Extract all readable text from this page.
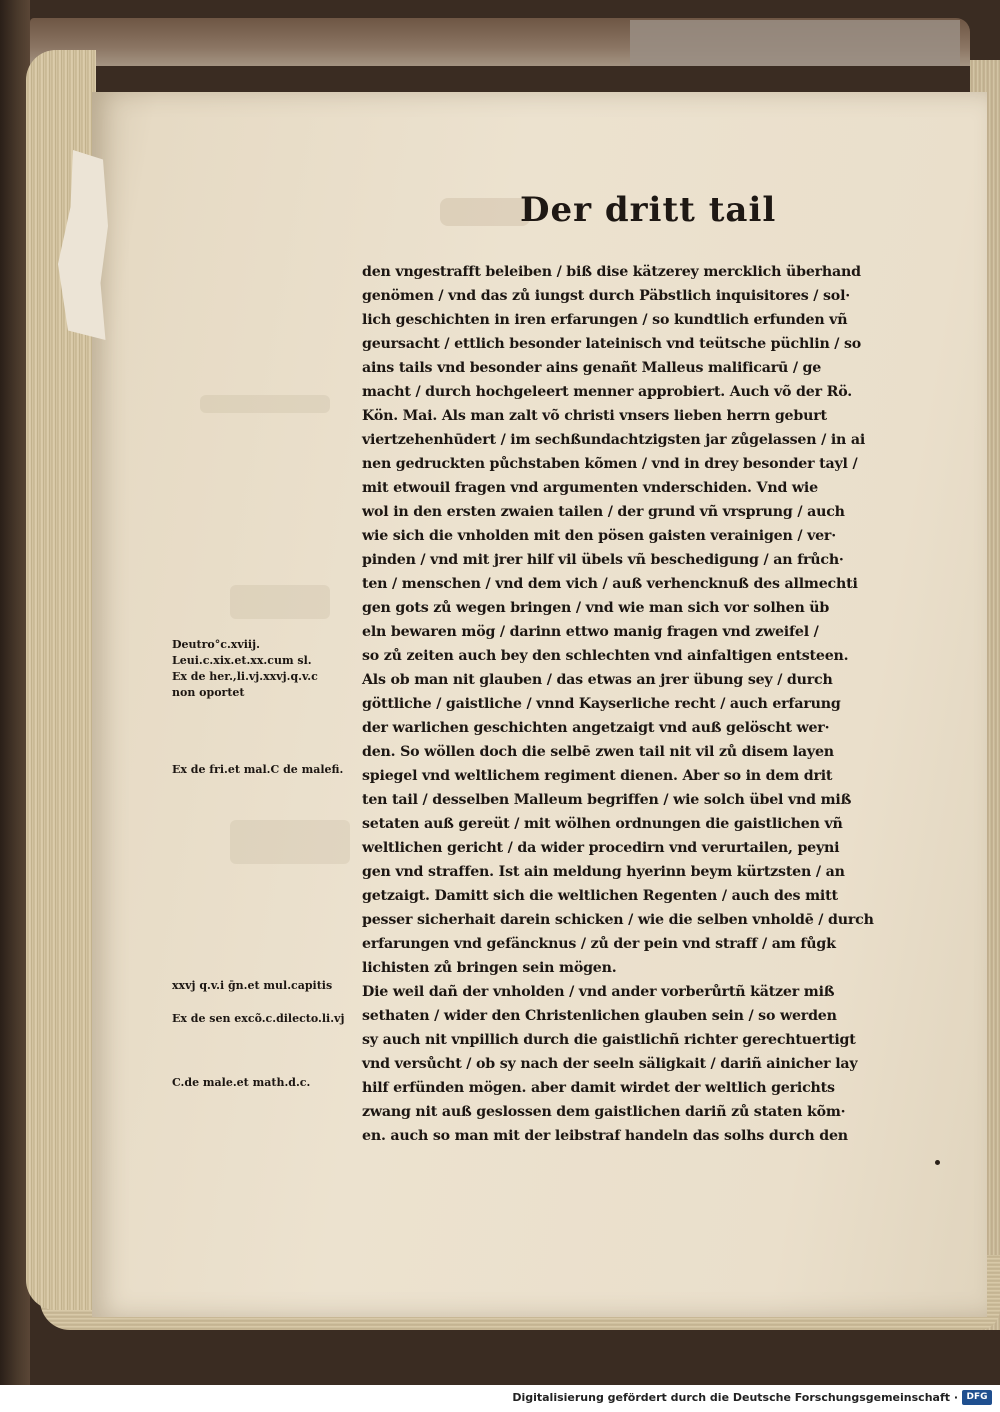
Der dritt tail
den vngestrafft beleiben / biß dise kätzerey mercklich überhand
genömen / vnd das zů iungst durch Päbstlich inquisitores / sol·
lich geschichten in iren erfarungen / so kundtlich erfunden vñ
geursacht / ettlich besonder lateinisch vnd teütsche püchlin / so
ains tails vnd besonder ains genañt Malleus malificarū / ge
macht / durch hochgeleert menner approbiert. Auch võ der Rö.
Kön. Mai. Als man zalt võ christi vnsers lieben herrn geburt
viertzehenhūdert / im sechßundachtzigsten jar zůgelassen / in ai
nen gedruckten půchstaben kõmen / vnd in drey besonder tayl /
mit etwouil fragen vnd argumenten vnderschiden. Vnd wie
wol in den ersten zwaien tailen / der grund vñ vrsprung / auch
wie sich die vnholden mit den pösen gaisten verainigen / ver·
pinden / vnd mit jrer hilf vil übels vñ beschedigung / an frůch·
ten / menschen / vnd dem vich / auß verhencknuß des allmechti
gen gots zů wegen bringen / vnd wie man sich vor solhen üb
eln bewaren mög / darinn ettwo manig fragen vnd zweifel /
so zů zeiten auch bey den schlechten vnd ainfaltigen entsteen.
Als ob man nit glauben / das etwas an jrer übung sey / durch
göttliche / gaistliche / vnnd Kayserliche recht / auch erfarung
der warlichen geschichten angetzaigt vnd auß gelöscht wer·
den. So wöllen doch die selbē zwen tail nit vil zů disem layen
spiegel vnd weltlichem regiment dienen. Aber so in dem drit
ten tail / desselben Malleum begriffen / wie solch übel vnd miß
setaten auß gereüt / mit wölhen ordnungen die gaistlichen vñ
weltlichen gericht / da wider procedirn vnd verurtailen, peyni
gen vnd straffen. Ist ain meldung hyerinn beym kürtzsten / an
getzaigt. Damitt sich die weltlichen Regenten / auch des mitt
pesser sicherhait darein schicken / wie die selben vnholdē / durch
erfarungen vnd gefäncknus / zů der pein vnd straff / am fůgk
lichisten zů bringen sein mögen.
Die weil dañ der vnholden / vnd ander vorberůrtñ kätzer miß
sethaten / wider den Christenlichen glauben sein / so werden
sy auch nit vnpillich durch die gaistlichñ richter gerechtuertigt
vnd versůcht / ob sy nach der seeln säligkait / dariñ ainicher lay
hilf erfünden mögen. aber damit wirdet der weltlich gerichts
zwang nit auß geslossen dem gaistlichen dariñ zů staten kõm·
en. auch so man mit der leibstraf handeln das solhs durch den
Deutro°c.xviij.
Leui.c.xix.et.xx.cum sl.
Ex de her.,li.vj.xxvj.q.v.c
non oportet
Ex de fri.et mal.C de malefi.
xxvj q.v.i ḡn.et mul.capitis
Ex de sen excõ.c.dilecto.li.vj
C.de male.et math.d.c.
Digitalisierung gefördert durch die Deutsche Forschungsgemeinschaft · DFG
